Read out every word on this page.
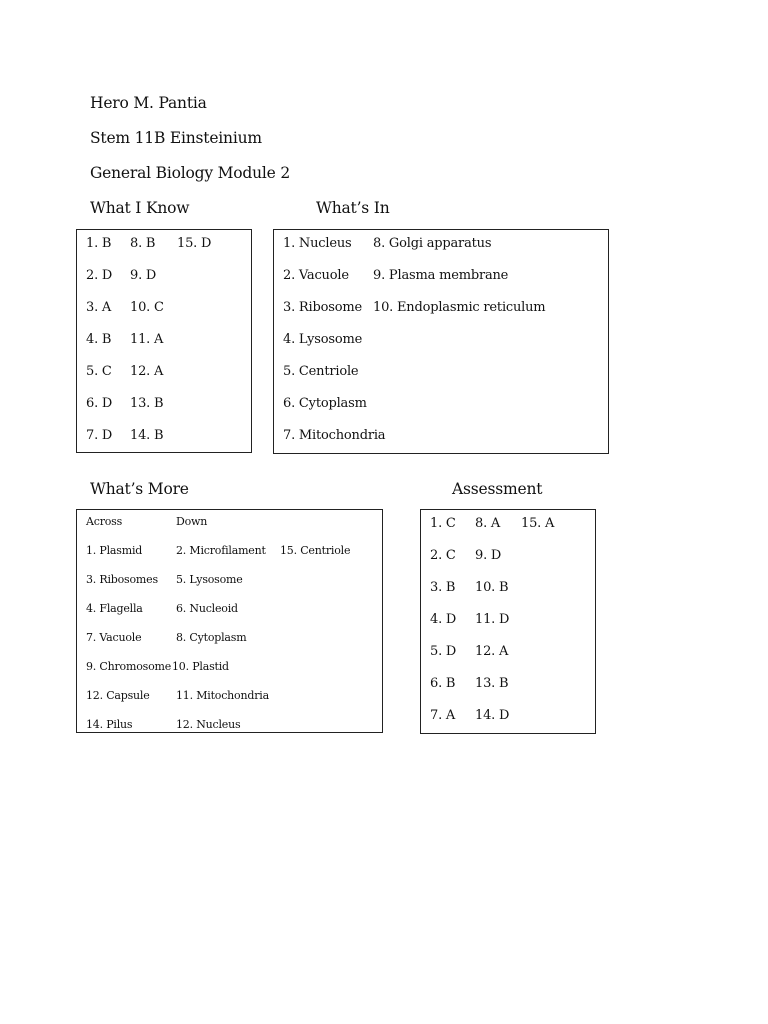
Hero M. Pantia
Stem 11B Einsteinium
General Biology Module 2
What I Know
1. B 8. B 15. D
2. D 9. D
3. A 10. C
4. B 11. A
5. C 12. A
6. D 13. B
7. D 14. B
What’s In
1. Nucleus 8. Golgi apparatus
2. Vacuole 9. Plasma membrane
3. Ribosome 10. Endoplasmic reticulum
4. Lysosome
5. Centriole
6. Cytoplasm
7. Mitochondria
What’s More
Across	Down
1. Plasmid	2. Microfilament 15. Centriole
3. Ribosomes 5. Lysosome
4. Flagella	6. Nucleoid
7. Vacuole	8. Cytoplasm
9. Chromosome 10. Plastid
12. Capsule 11. Mitochondria
14. Pilus	12. Nucleus
Assessment
1. C 8. A 15. A
2. C 9. D
3. B 10. B
4. D 11. D
5. D 12. A
6. B 13. B
7. A 14. D
